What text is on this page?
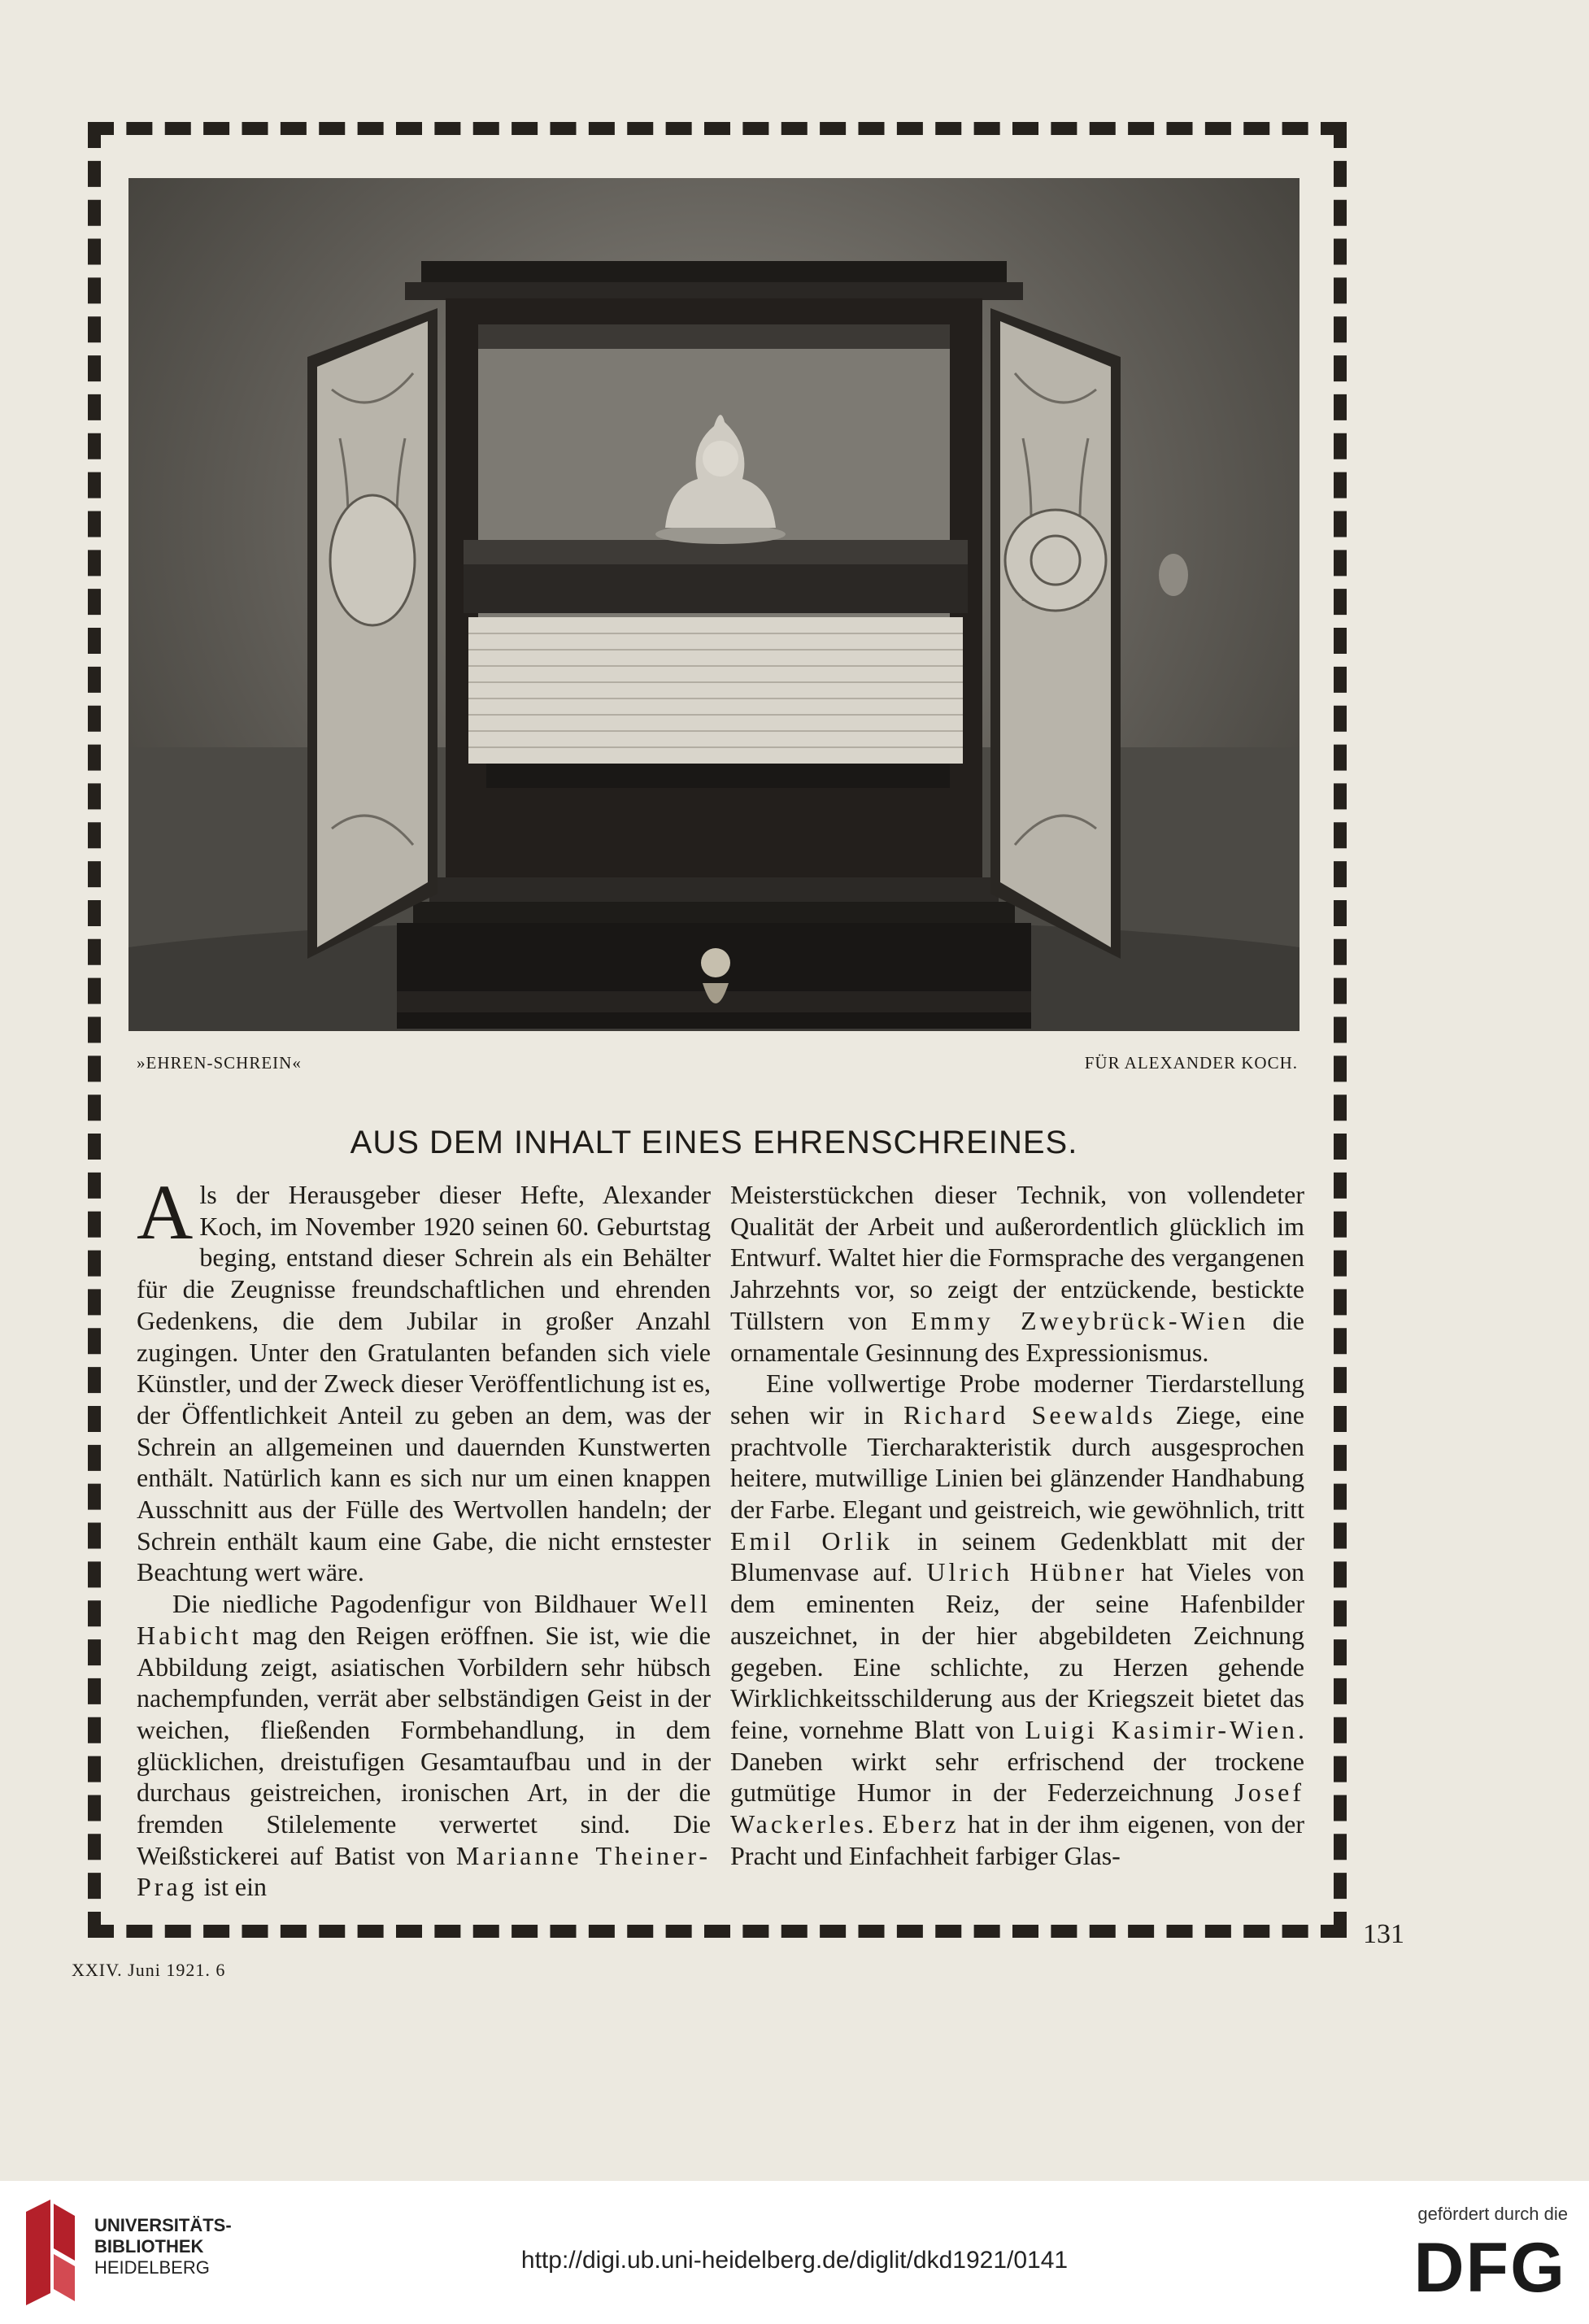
»EHREN-SCHREIN«	FÜR ALEXANDER KOCH.
AUS DEM INHALT EINES EHRENSCHREINES.

Als der Herausgeber dieser Hefte, Alexander Koch, im November 1920 seinen 60. Geburtstag beging, entstand dieser Schrein als ein Behälter für die Zeugnisse freundschaftlichen und ehrenden Gedenkens, die dem Jubilar in großer Anzahl zugingen. Unter den Gratulanten befanden sich viele Künstler, und der Zweck dieser Veröffentlichung ist es, der Öffentlichkeit Anteil zu geben an dem, was der Schrein an allgemeinen und dauernden Kunstwerten enthält. Natürlich kann es sich nur um einen knappen Ausschnitt aus der Fülle des Wertvollen handeln; der Schrein enthält kaum eine Gabe, die nicht ernstester Beachtung wert wäre.

Die niedliche Pagodenfigur von Bildhauer Well Habicht mag den Reigen eröffnen. Sie ist, wie die Abbildung zeigt, asiatischen Vorbildern sehr hübsch nachempfunden, verrät aber selbständigen Geist in der weichen, fließenden Formbehandlung, in dem glücklichen, dreistufigen Gesamtaufbau und in der durchaus geistreichen, ironischen Art, in der die fremden Stilelemente verwertet sind. Die Weißstickerei auf Batist von Marianne Theiner-Prag ist ein

Meisterstückchen dieser Technik, von vollendeter Qualität der Arbeit und außerordentlich glücklich im Entwurf. Waltet hier die Formsprache des vergangenen Jahrzehnts vor, so zeigt der entzückende, bestickte Tüllstern von Emmy Zweybrück-Wien die ornamentale Gesinnung des Expressionismus.

Eine vollwertige Probe moderner Tierdarstellung sehen wir in Richard Seewalds Ziege, eine prachtvolle Tiercharakteristik durch ausgesprochen heitere, mutwillige Linien bei glänzender Handhabung der Farbe. Elegant und geistreich, wie gewöhnlich, tritt Emil Orlik in seinem Gedenkblatt mit der Blumenvase auf. Ulrich Hübner hat Vieles von dem eminenten Reiz, der seine Hafenbilder auszeichnet, in der hier abgebildeten Zeichnung gegeben. Eine schlichte, zu Herzen gehende Wirklichkeitsschilderung aus der Kriegszeit bietet das feine, vornehme Blatt von Luigi Kasimir-Wien. Daneben wirkt sehr erfrischend der trockene gutmütige Humor in der Federzeichnung Josef Wackerles. Eberz hat in der ihm eigenen, von der Pracht und Einfachheit farbiger Glas-

131
XXIV. Juni 1921. 6
UNIVERSITÄTS-
BIBLIOTHEK
HEIDELBERG	http://digi.ub.uni-heidelberg.de/diglit/dkd1921/0141
gefördert durch die
DFG
